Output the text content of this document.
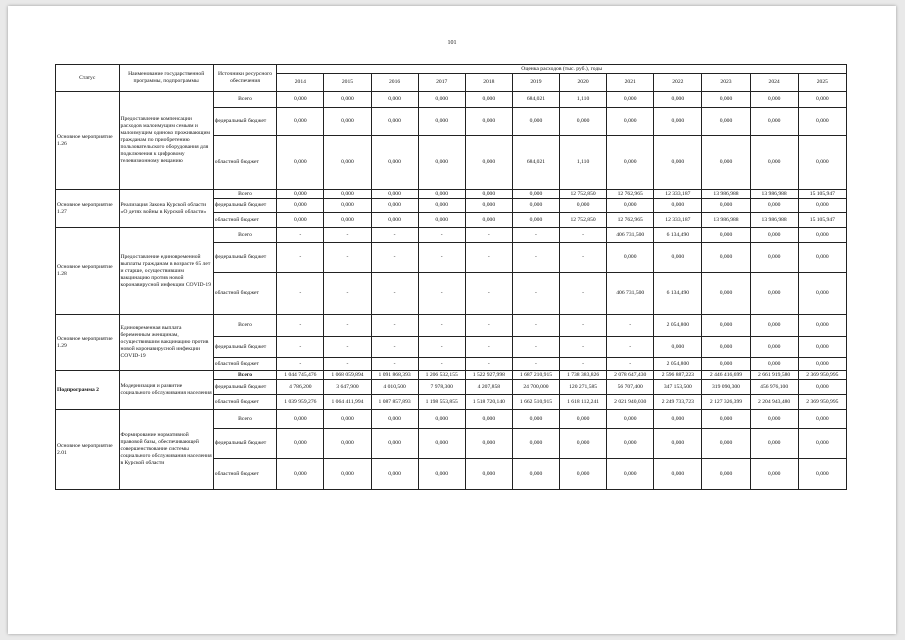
101
Статус	Наименование государственной программы, подпрограммы	Источники ресурсного обеспечения	Оценка расходов (тыс. руб.), годы											
			2014	2015	2016	2017	2018	2019	2020	2021	2022	2023	2024	2025
Основное мероприятие 1.26	Предоставление компенсации расходов малоимущим семьям и малоимущим одиноко проживающим гражданам по приобретению пользовательского оборудования для подключения к цифровому телевизионному вещанию	Всего	0,000	0,000	0,000	0,000	0,000	684,021	1,110	0,000	0,000	0,000	0,000	0,000
		федеральный бюджет	0,000	0,000	0,000	0,000	0,000	0,000	0,000	0,000	0,000	0,000	0,000	0,000
		областной бюджет	0,000	0,000	0,000	0,000	0,000	684,021	1,110	0,000	0,000	0,000	0,000	0,000
Основное мероприятие 1.27	Реализация Закона Курской области «О детях войны в Курской области»	Всего	0,000	0,000	0,000	0,000	0,000	0,000	12 752,850	12 762,965	12 333,187	13 986,988	13 986,988	15 105,947
		федеральный бюджет	0,000	0,000	0,000	0,000	0,000	0,000	0,000	0,000	0,000	0,000	0,000	0,000
		областной бюджет	0,000	0,000	0,000	0,000	0,000	0,000	12 752,850	12 762,965	12 333,187	13 986,988	13 986,988	15 105,947
Основное мероприятие 1.28	Предоставление единовременной выплаты гражданам в возрасте 65 лет и старше, осуществившим вакцинацию против новой коронавирусной инфекции COVID-19	Всего	-	-	-	-	-	-	-	406 731,500	6 134,490	0,000	0,000	0,000
		федеральный бюджет	-	-	-	-	-	-	-	0,000	0,000	0,000	0,000	0,000
		областной бюджет	-	-	-	-	-	-	-	406 731,500	6 134,490	0,000	0,000	0,000
Основное мероприятие 1.29	Единовременная выплата беременным женщинам, осуществившим вакцинацию против новой коронавирусной инфекции COVID-19	Всего	-	-	-	-	-	-	-	-	2 054,800	0,000	0,000	0,000
		федеральный бюджет	-	-	-	-	-	-	-	-	0,000	0,000	0,000	0,000
		областной бюджет	-	-	-	-	-	-	-	-	2 054,800	0,000	0,000	0,000
Подпрограмма 2	Модернизация и развитие социального обслуживания населения	Всего	1 044 745,476	1 068 059,894	1 091 868,393	1 206 532,155	1 522 927,998	1 687 210,915	1 738 383,826	2 078 647,430	2 596 887,223	2 446 416,699	2 661 919,580	2 369 950,995
		федеральный бюджет	4 786,200	3 647,900	4 010,500	7 978,300	4 207,858	24 700,000	120 271,585	56 707,400	347 153,500	319 090,300	456 976,100	0,000
		областной бюджет	1 039 959,276	1 064 411,994	1 087 857,893	1 198 553,855	1 518 720,140	1 662 510,915	1 618 112,241	2 021 940,030	2 249 733,723	2 127 326,399	2 204 943,480	2 369 950,995
Основное мероприятие 2.01	Формирование нормативной правовой базы, обеспечивающей совершенствование системы социального обслуживания населения в Курской области	Всего	0,000	0,000	0,000	0,000	0,000	0,000	0,000	0,000	0,000	0,000	0,000	0,000
		федеральный бюджет	0,000	0,000	0,000	0,000	0,000	0,000	0,000	0,000	0,000	0,000	0,000	0,000
		областной бюджет	0,000	0,000	0,000	0,000	0,000	0,000	0,000	0,000	0,000	0,000	0,000	0,000
